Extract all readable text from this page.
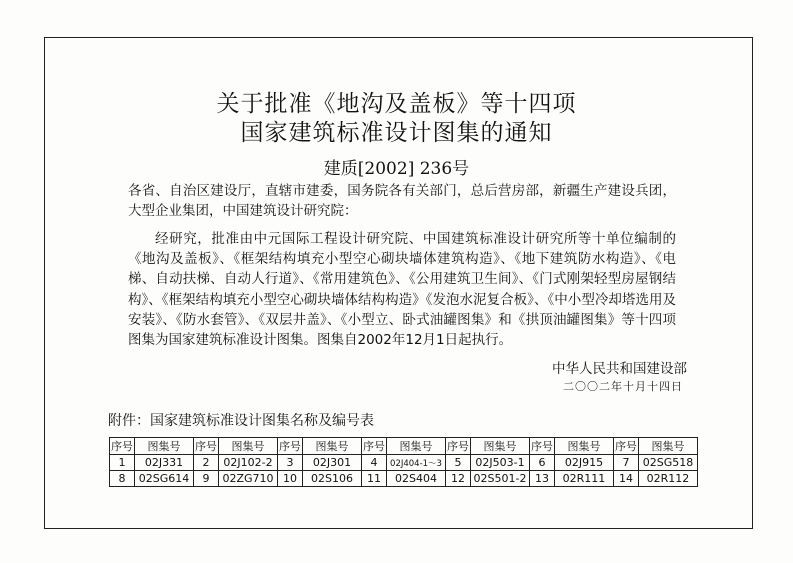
关于批准《地沟及盖板》等十四项
国家建筑标准设计图集的通知
建质[2002] 236号
各省、自治区建设厅，直辖市建委，国务院各有关部门，总后营房部，新疆生产建设兵团，大型企业集团，中国建筑设计研究院：
经研究，批准由中元国际工程设计研究院、中国建筑标准设计研究所等十单位编制的《地沟及盖板》、《框架结构填充小型空心砌块墙体建筑构造》、《地下建筑防水构造》、《电梯、自动扶梯、自动人行道》、《常用建筑色》、《公用建筑卫生间》、《门式刚架轻型房屋钢结构》、《框架结构填充小型空心砌块墙体结构构造》《发泡水泥复合板》、《中小型冷却塔选用及安装》、《防水套管》、《双层井盖》、《小型立、卧式油罐图集》和《拱顶油罐图集》等十四项图集为国家建筑标准设计图集。图集自2002年12月1日起执行。
中华人民共和国建设部
二〇〇二年十月十四日
附件：国家建筑标准设计图集名称及编号表
序号	图集号	序号	图集号	序号	图集号	序号	图集号	序号	图集号	序号	图集号	序号	图集号
1	02J331	2	02J102-2	3	02J301	4	02J404-1～3	5	02J503-1	6	02J915	7	02SG518
8	02SG614	9	02ZG710	10	02S106	11	02S404	12	02S501-2	13	02R111	14	02R112
